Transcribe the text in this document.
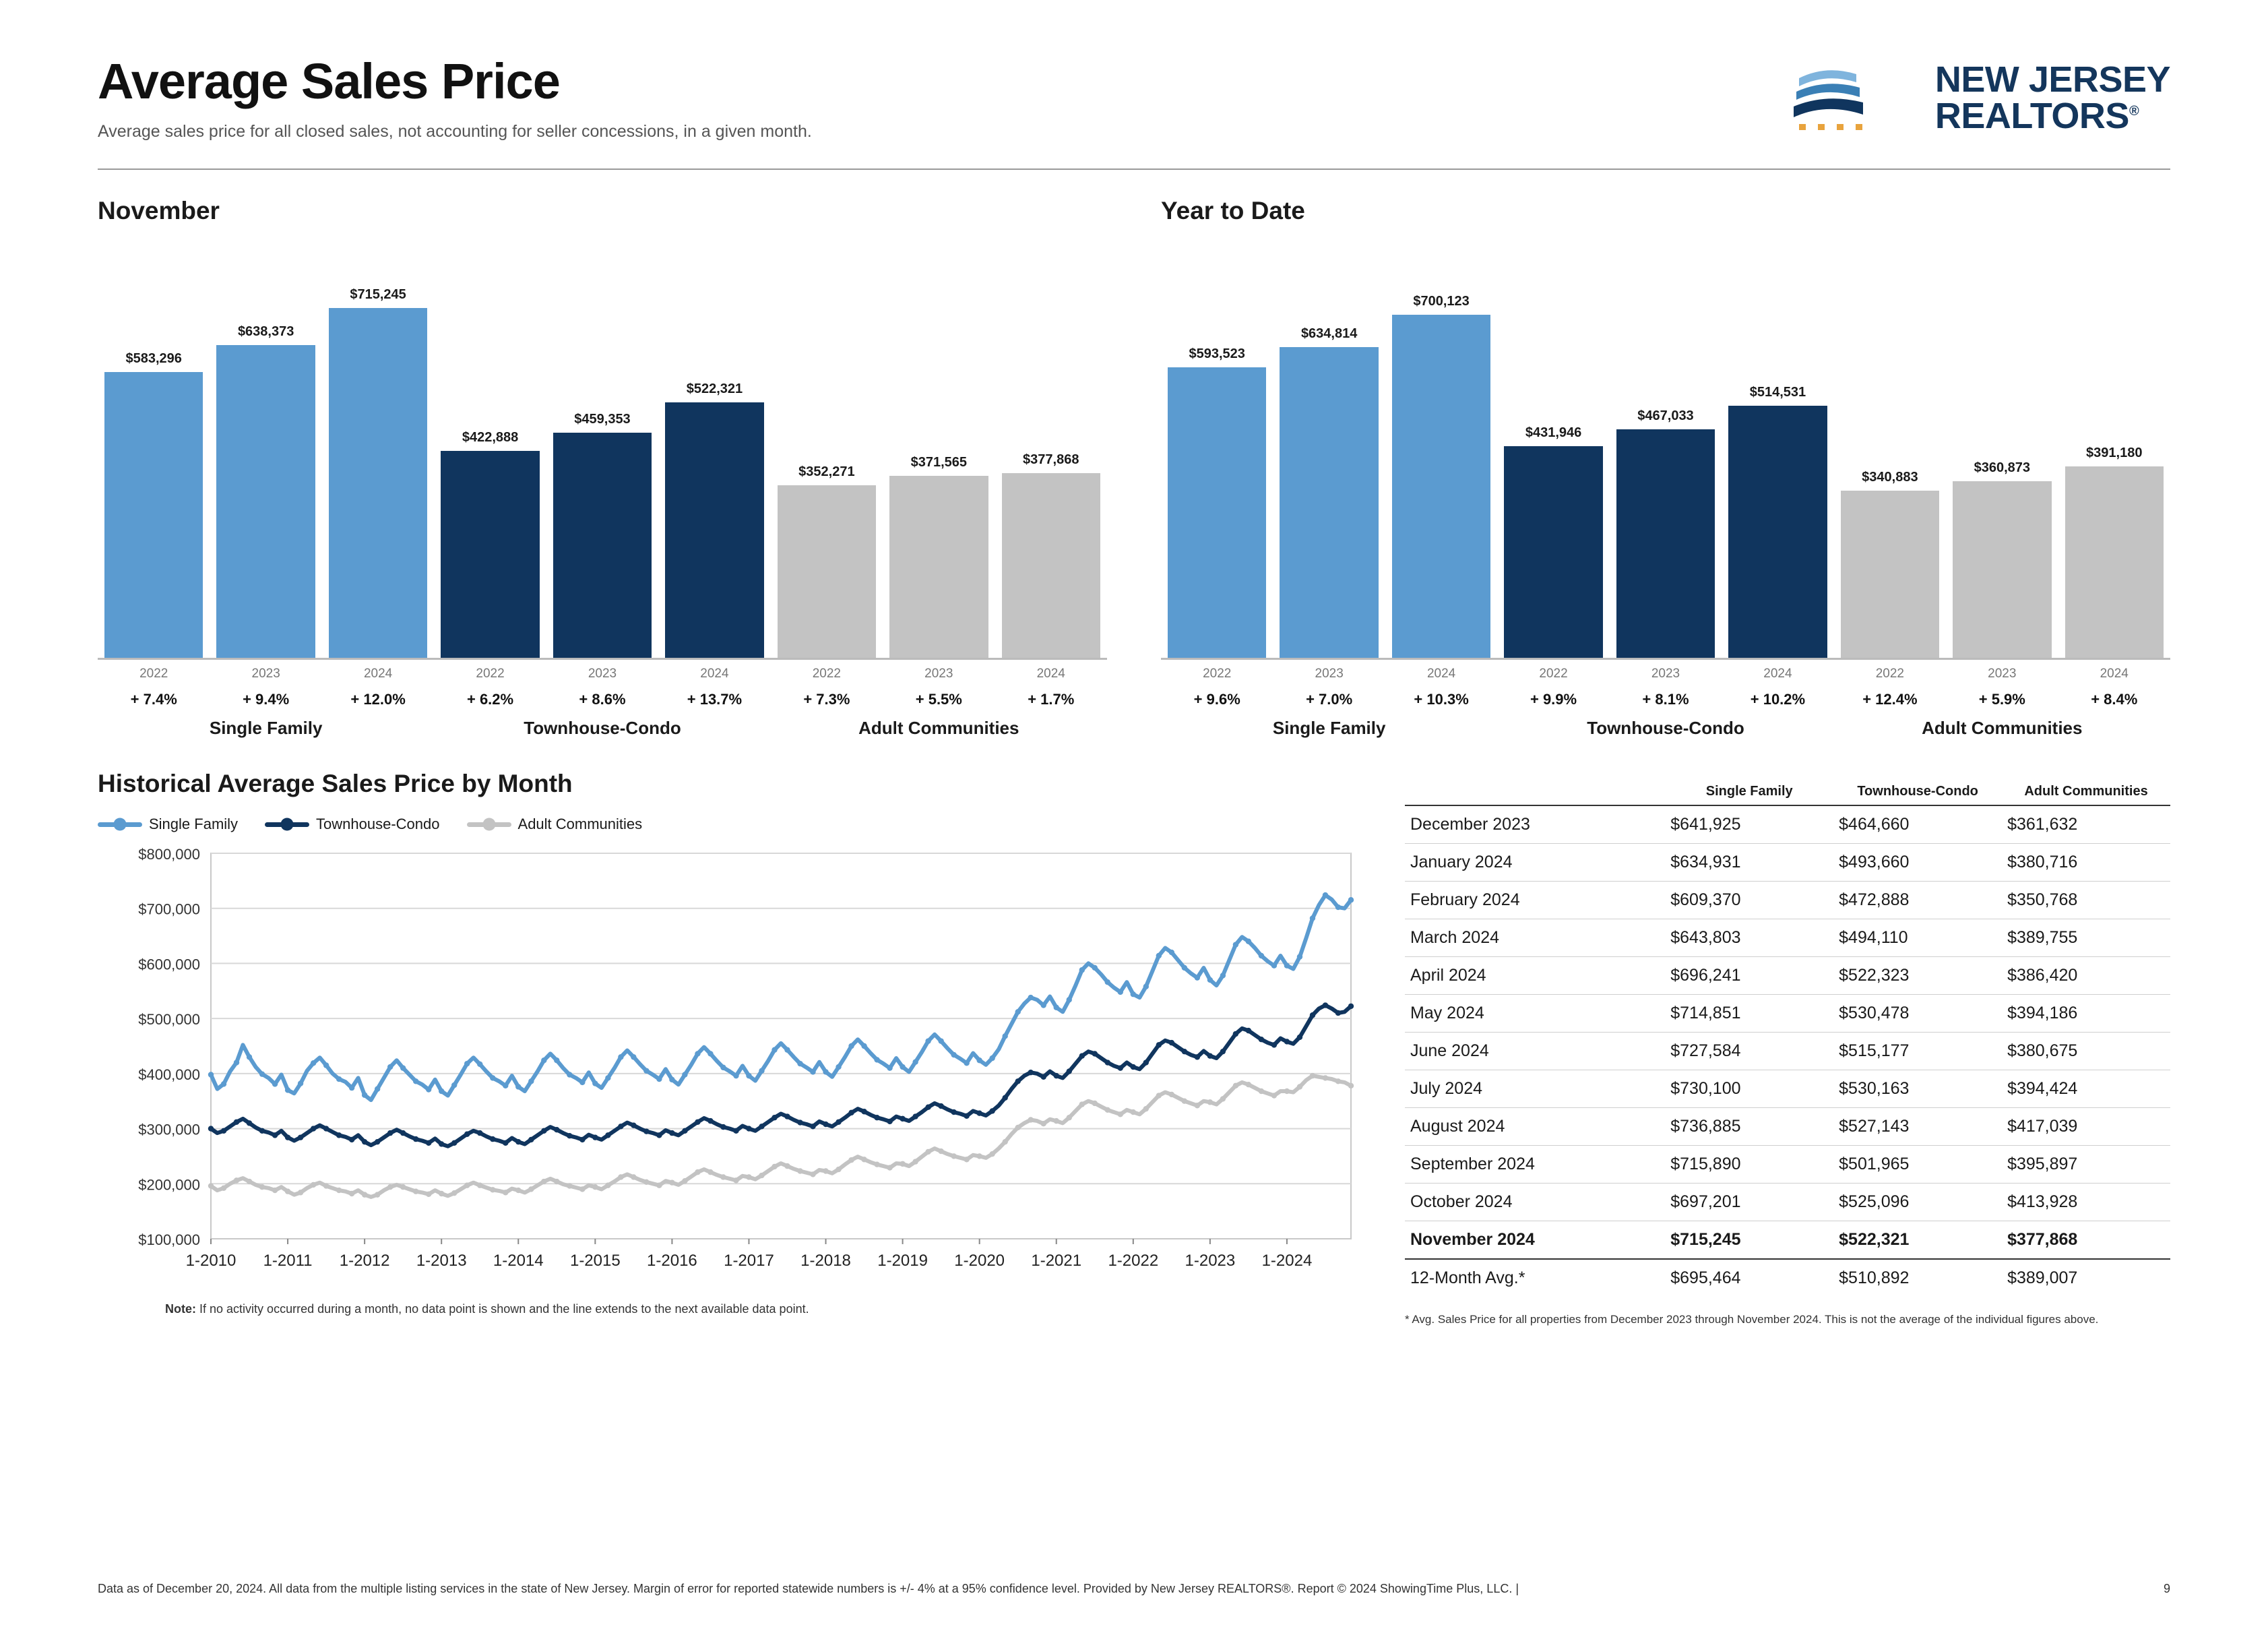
Average Sales Price
Average sales price for all closed sales, not accounting for seller concessions, in a given month.
NEW JERSEY
REALTORS®
November
$583,296
$638,373
$715,245
$422,888
$459,353
$522,321
$352,271
$371,565	$377,868
2022
+ 7.4%
2023
+ 9.4%
2024
+ 12.0%
2022
+ 6.2%
2023
+ 8.6%
2024
+ 13.7%
2022
+ 7.3%
2023
+ 5.5%
2024
+ 1.7%
Single Family	Townhouse-Condo	Adult Communities
Year to Date
$593,523
$634,814
$700,123
$431,946
$467,033
$514,531
$340,883
$360,873
$391,180
2022
+ 9.6%
2023
+ 7.0%
2024
+ 10.3%
2022
+ 9.9%
2023
+ 8.1%
2024
+ 10.2%
2022
+ 12.4%
2023
+ 5.9%
2024
+ 8.4%
Single Family	Townhouse-Condo	Adult Communities
Historical Average Sales Price by Month
Single Family	Townhouse-Condo	Adult Communities
$100,000
$200,000
$300,000
$400,000
$500,000
$600,000
$700,000
$800,000
1-2010 1-2011 1-2012 1-2013 1-2014 1-2015 1-2016 1-2017 1-2018 1-2019 1-2020 1-2021 1-2022 1-2023 1-2024
Note: If no activity occurred during a month, no data point is shown and the line extends to the next available data point.
	Single Family	Townhouse-Condo	Adult Communities
December 2023	$641,925	$464,660	$361,632
January 2024	$634,931	$493,660	$380,716
February 2024	$609,370	$472,888	$350,768
March 2024	$643,803	$494,110	$389,755
April 2024	$696,241	$522,323	$386,420
May 2024	$714,851	$530,478	$394,186
June 2024	$727,584	$515,177	$380,675
July 2024	$730,100	$530,163	$394,424
August 2024	$736,885	$527,143	$417,039
September 2024	$715,890	$501,965	$395,897
October 2024	$697,201	$525,096	$413,928
November 2024	$715,245	$522,321	$377,868
12-Month Avg.*	$695,464	$510,892	$389,007
* Avg. Sales Price for all properties from December 2023 through November 2024. This is not the average of the individual figures above.
9
Data as of December 20, 2024. All data from the multiple listing services in the state of New Jersey. Margin of error for reported statewide numbers is +/- 4% at a 95% confidence level. Provided by New Jersey REALTORS®. Report © 2024 ShowingTime Plus, LLC. |
